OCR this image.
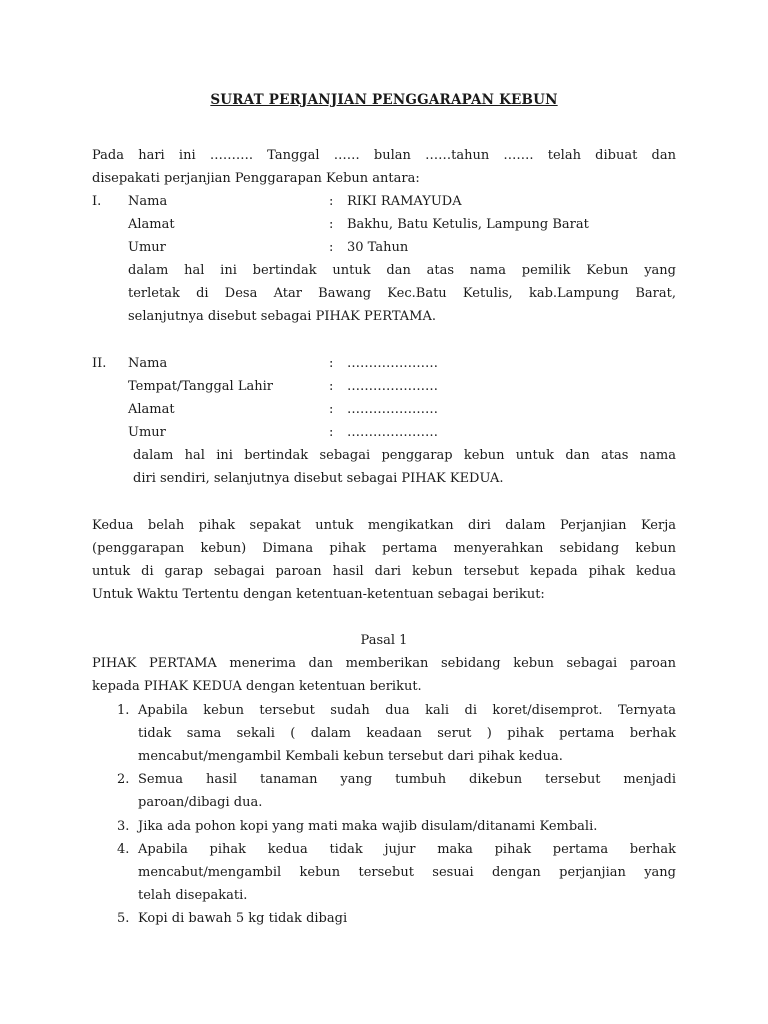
SURAT PERJANJIAN PENGGARAPAN KEBUN
Pada hari ini ………. Tanggal …… bulan ……tahun ……. telah dibuat dan
disepakati perjanjian Penggarapan Kebun antara:
I. Nama	: RIKI RAMAYUDA
Alamat	: Bakhu, Batu Ketulis, Lampung Barat
Umur	: 30 Tahun
dalam hal ini bertindak untuk dan atas nama pemilik Kebun yang
terletak di Desa Atar Bawang Kec.Batu Ketulis, kab.Lampung Barat,
selanjutnya disebut sebagai PIHAK PERTAMA.
II. Nama	: …………………
Tempat/Tanggal Lahir	: …………………
Alamat	: …………………
Umur	: …………………
dalam hal ini bertindak sebagai penggarap kebun untuk dan atas nama
diri sendiri, selanjutnya disebut sebagai PIHAK KEDUA.
Kedua belah pihak sepakat untuk mengikatkan diri dalam Perjanjian Kerja
(penggarapan kebun) Dimana pihak pertama menyerahkan sebidang kebun
untuk di garap sebagai paroan hasil dari kebun tersebut kepada pihak kedua
Untuk Waktu Tertentu dengan ketentuan-ketentuan sebagai berikut:
Pasal 1
PIHAK PERTAMA menerima dan memberikan sebidang kebun sebagai paroan
kepada PIHAK KEDUA dengan ketentuan berikut.
1. Apabila kebun tersebut sudah dua kali di koret/disemprot. Ternyata
tidak sama sekali ( dalam keadaan serut ) pihak pertama berhak
mencabut/mengambil Kembali kebun tersebut dari pihak kedua.
2. Semua hasil tanaman yang tumbuh dikebun tersebut menjadi
paroan/dibagi dua.
3. Jika ada pohon kopi yang mati maka wajib disulam/ditanami Kembali.
4. Apabila pihak kedua tidak jujur maka pihak pertama berhak
mencabut/mengambil kebun tersebut sesuai dengan perjanjian yang
telah disepakati.
5. Kopi di bawah 5 kg tidak dibagi
